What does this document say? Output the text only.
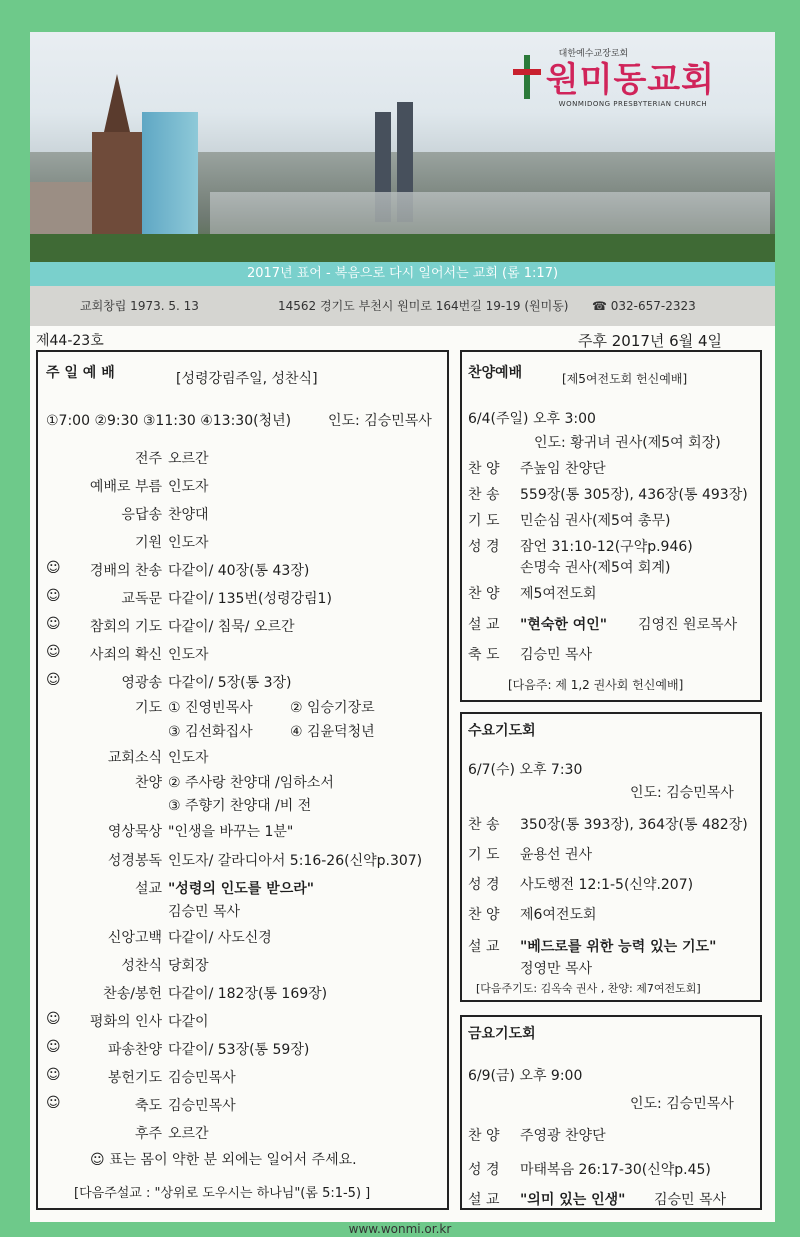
원미동교회
대한예수교장로회
WONMIDONG PRESBYTERIAN CHURCH
2017년 표어 - 복음으로 다시 일어서는 교회 (롬 1:17)
교회창립 1973. 5. 13	14562 경기도 부천시 원미로 164번길 19-19 (원미동) ☎ 032-657-2323
제44-23호	주후 2017년 6월 4일
주 일 예 배	[성령강림주일, 성찬식]
①7:00 ②9:30 ③11:30 ④13:30(청년)	인도: 김승민목사
전주 오르간
예배로 부름 인도자
응답송 찬양대
기원 인도자
☺	경배의 찬송 다같이/ 40장(통 43장)
☺	교독문 다같이/ 135번(성령강림1)
☺	참회의 기도 다같이/ 침묵/ 오르간
☺	사죄의 확신 인도자
☺	영광송 다같이/ 5장(통 3장)
기도 ① 진영빈목사	② 임승기장로
③ 김선화집사	④ 김윤덕청년
교회소식 인도자
찬양 ② 주사랑 찬양대 /임하소서
③ 주향기 찬양대 /비 전
영상묵상 "인생을 바꾸는 1분"
성경봉독 인도자/ 갈라디아서 5:16-26(신약p.307)
설교 "성령의 인도를 받으라"
김승민 목사
신앙고백 다같이/ 사도신경
성찬식 당회장
찬송/봉헌 다같이/ 182장(통 169장)
☺	평화의 인사 다같이
☺	파송찬양 다같이/ 53장(통 59장)
☺	봉헌기도 김승민목사
☺	축도 김승민목사
후주 오르간
☺ 표는 몸이 약한 분 외에는 일어서 주세요.
[다음주설교 : "상위로 도우시는 하나님"(롬 5:1-5) ]
찬양예배	[제5여전도회 헌신예배]
6/4(주일) 오후 3:00
인도: 황귀녀 권사(제5여 회장)
찬 양 주높임 찬양단
찬 송 559장(통 305장), 436장(통 493장)
기 도 민순심 권사(제5여 총무)
성 경 잠언 31:10-12(구약p.946)
손명숙 권사(제5여 회계)
찬 양 제5여전도회
설 교 "현숙한 여인" 김영진 원로목사
축 도 김승민 목사
[다음주: 제 1,2 권사회 헌신예배]
수요기도회
6/7(수) 오후 7:30
인도: 김승민목사
찬 송 350장(통 393장), 364장(통 482장)
기 도 윤용선 권사
성 경 사도행전 12:1-5(신약.207)
찬 양 제6여전도회
설 교 "베드로를 위한 능력 있는 기도"
정영만 목사
[다음주기도: 김옥숙 권사 , 찬양: 제7여전도회]
금요기도회
6/9(금) 오후 9:00
인도: 김승민목사
찬 양 주영광 찬양단
성 경 마태복음 26:17-30(신약p.45)
설 교 "의미 있는 인생" 김승민 목사
www.wonmi.or.kr
